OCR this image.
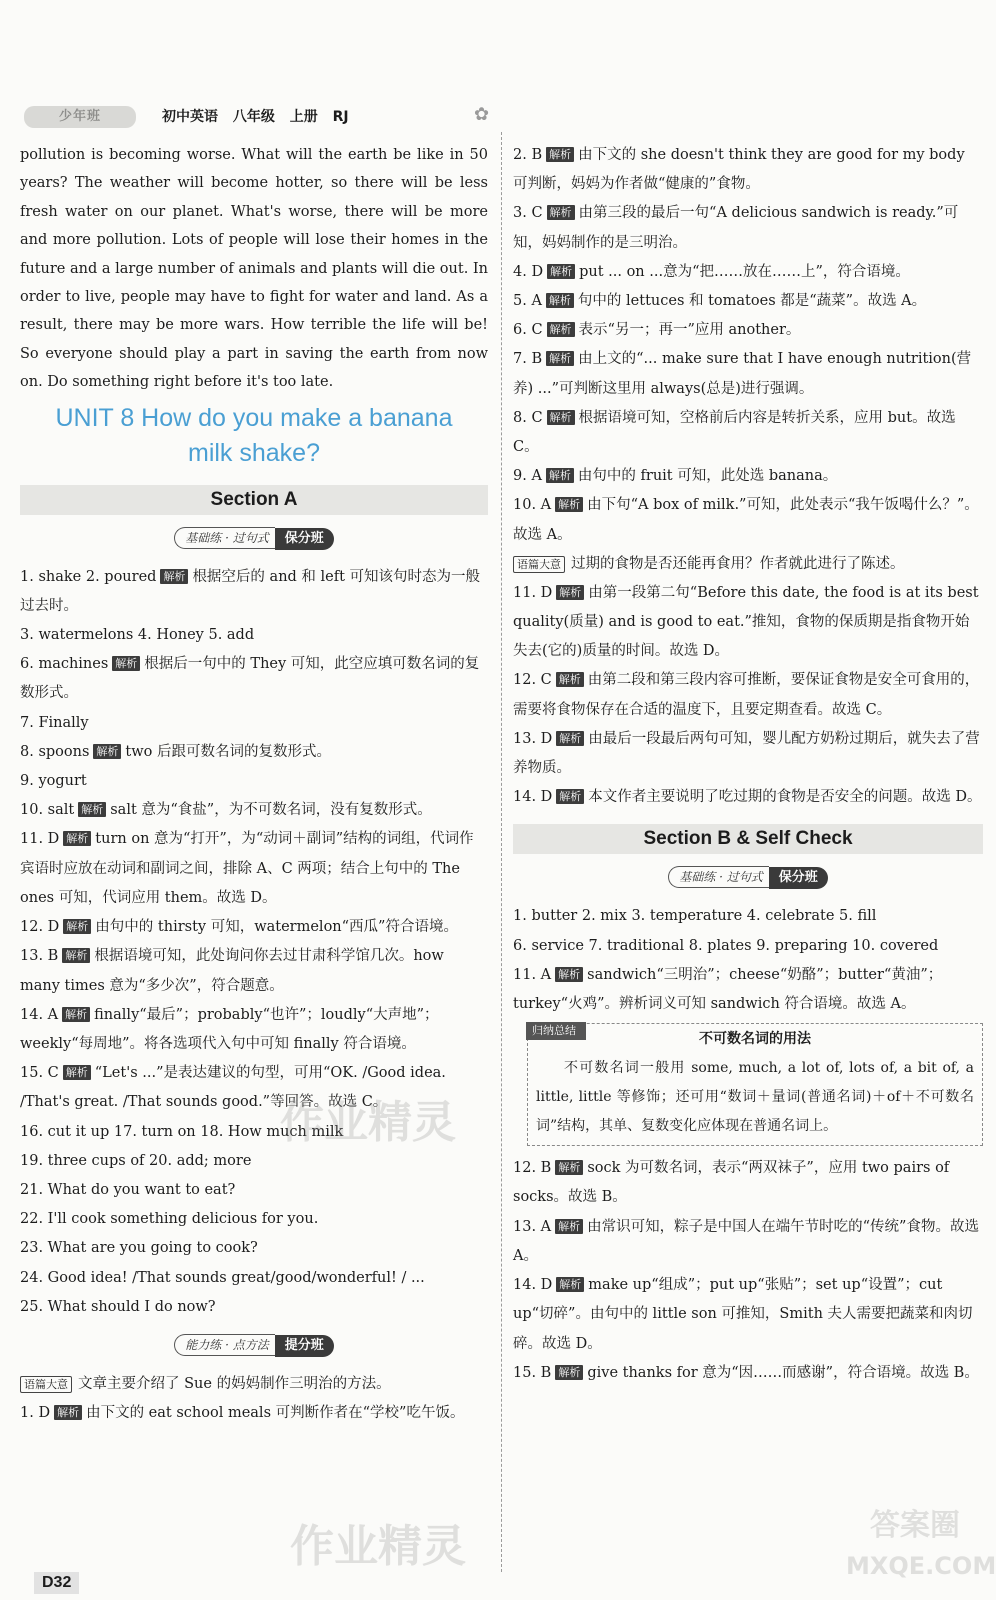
少年班	初中英语 八年级 上册 RJ	✿
pollution is becoming worse. What will the earth be like in 50 years? The weather will become hotter, so there will be less fresh water on our planet. What's worse, there will be more and more pollution. Lots of people will lose their homes in the future and a large number of animals and plants will die out. In order to live, people may have to fight for water and land. As a result, there may be more wars. How terrible the life will be! So everyone should play a part in saving the earth from now on. Do something right before it's too late.
UNIT 8 How do you make a banana
milk shake?
Section A
基础练 · 过句式 保分班
1. shake 2. poured 解析 根据空后的 and 和 left 可知该句时态为一般过去时。
3. watermelons 4. Honey 5. add
6. machines 解析 根据后一句中的 They 可知，此空应填可数名词的复数形式。
7. Finally
8. spoons 解析 two 后跟可数名词的复数形式。
9. yogurt
10. salt 解析 salt 意为“食盐”，为不可数名词，没有复数形式。
11. D 解析 turn on 意为“打开”，为“动词＋副词”结构的词组，代词作宾语时应放在动词和副词之间，排除 A、C 两项；结合上句中的 The ones 可知，代词应用 them。故选 D。
12. D 解析 由句中的 thirsty 可知，watermelon“西瓜”符合语境。
13. B 解析 根据语境可知，此处询问你去过甘肃科学馆几次。how many times 意为“多少次”，符合题意。
14. A 解析 finally“最后”；probably“也许”；loudly“大声地”；weekly“每周地”。将各选项代入句中可知 finally 符合语境。
15. C 解析 “Let's ...”是表达建议的句型，可用“OK. /Good idea. /That's great. /That sounds good.”等回答。故选 C。
16. cut it up 17. turn on 18. How much milk
19. three cups of 20. add; more
21. What do you want to eat?
22. I'll cook something delicious for you.
23. What are you going to cook?
24. Good idea! /That sounds great/good/wonderful! / ...
25. What should I do now?
能力练 · 点方法 提分班
语篇大意 文章主要介绍了 Sue 的妈妈制作三明治的方法。
1. D 解析 由下文的 eat school meals 可判断作者在“学校”吃午饭。
2. B 解析 由下文的 she doesn't think they are good for my body 可判断，妈妈为作者做“健康的”食物。
3. C 解析 由第三段的最后一句“A delicious sandwich is ready.”可知，妈妈制作的是三明治。
4. D 解析 put ... on ...意为“把……放在……上”，符合语境。
5. A 解析 句中的 lettuces 和 tomatoes 都是“蔬菜”。故选 A。
6. C 解析 表示“另一；再一”应用 another。
7. B 解析 由上文的“... make sure that I have enough nutrition(营养) ...”可判断这里用 always(总是)进行强调。
8. C 解析 根据语境可知，空格前后内容是转折关系，应用 but。故选 C。
9. A 解析 由句中的 fruit 可知，此处选 banana。
10. A 解析 由下句“A box of milk.”可知，此处表示“我午饭喝什么？”。故选 A。
语篇大意 过期的食物是否还能再食用？作者就此进行了陈述。
11. D 解析 由第一段第二句“Before this date, the food is at its best quality(质量) and is good to eat.”推知，食物的保质期是指食物开始失去(它的)质量的时间。故选 D。
12. C 解析 由第二段和第三段内容可推断，要保证食物是安全可食用的，需要将食物保存在合适的温度下，且要定期查看。故选 C。
13. D 解析 由最后一段最后两句可知，婴儿配方奶粉过期后，就失去了营养物质。
14. D 解析 本文作者主要说明了吃过期的食物是否安全的问题。故选 D。
Section B & Self Check
基础练 · 过句式 保分班
1. butter 2. mix 3. temperature 4. celebrate 5. fill
6. service 7. traditional 8. plates 9. preparing 10. covered
11. A 解析 sandwich“三明治”；cheese“奶酪”；butter“黄油”；turkey“火鸡”。辨析词义可知 sandwich 符合语境。故选 A。
归纳总结
不可数名词的用法
不可数名词一般用 some, much, a lot of, lots of, a bit of, a little, little 等修饰；还可用“数词＋量词(普通名词)＋of＋不可数名词”结构，其单、复数变化应体现在普通名词上。
12. B 解析 sock 为可数名词，表示“两双袜子”，应用 two pairs of socks。故选 B。
13. A 解析 由常识可知，粽子是中国人在端午节时吃的“传统”食物。故选 A。
14. D 解析 make up“组成”；put up“张贴”；set up“设置”；cut up“切碎”。由句中的 little son 可推知，Smith 夫人需要把蔬菜和肉切碎。故选 D。
15. B 解析 give thanks for 意为“因……而感谢”，符合语境。故选 B。
D32
作业精灵
作业精灵	答案圈
MXQE.COM
